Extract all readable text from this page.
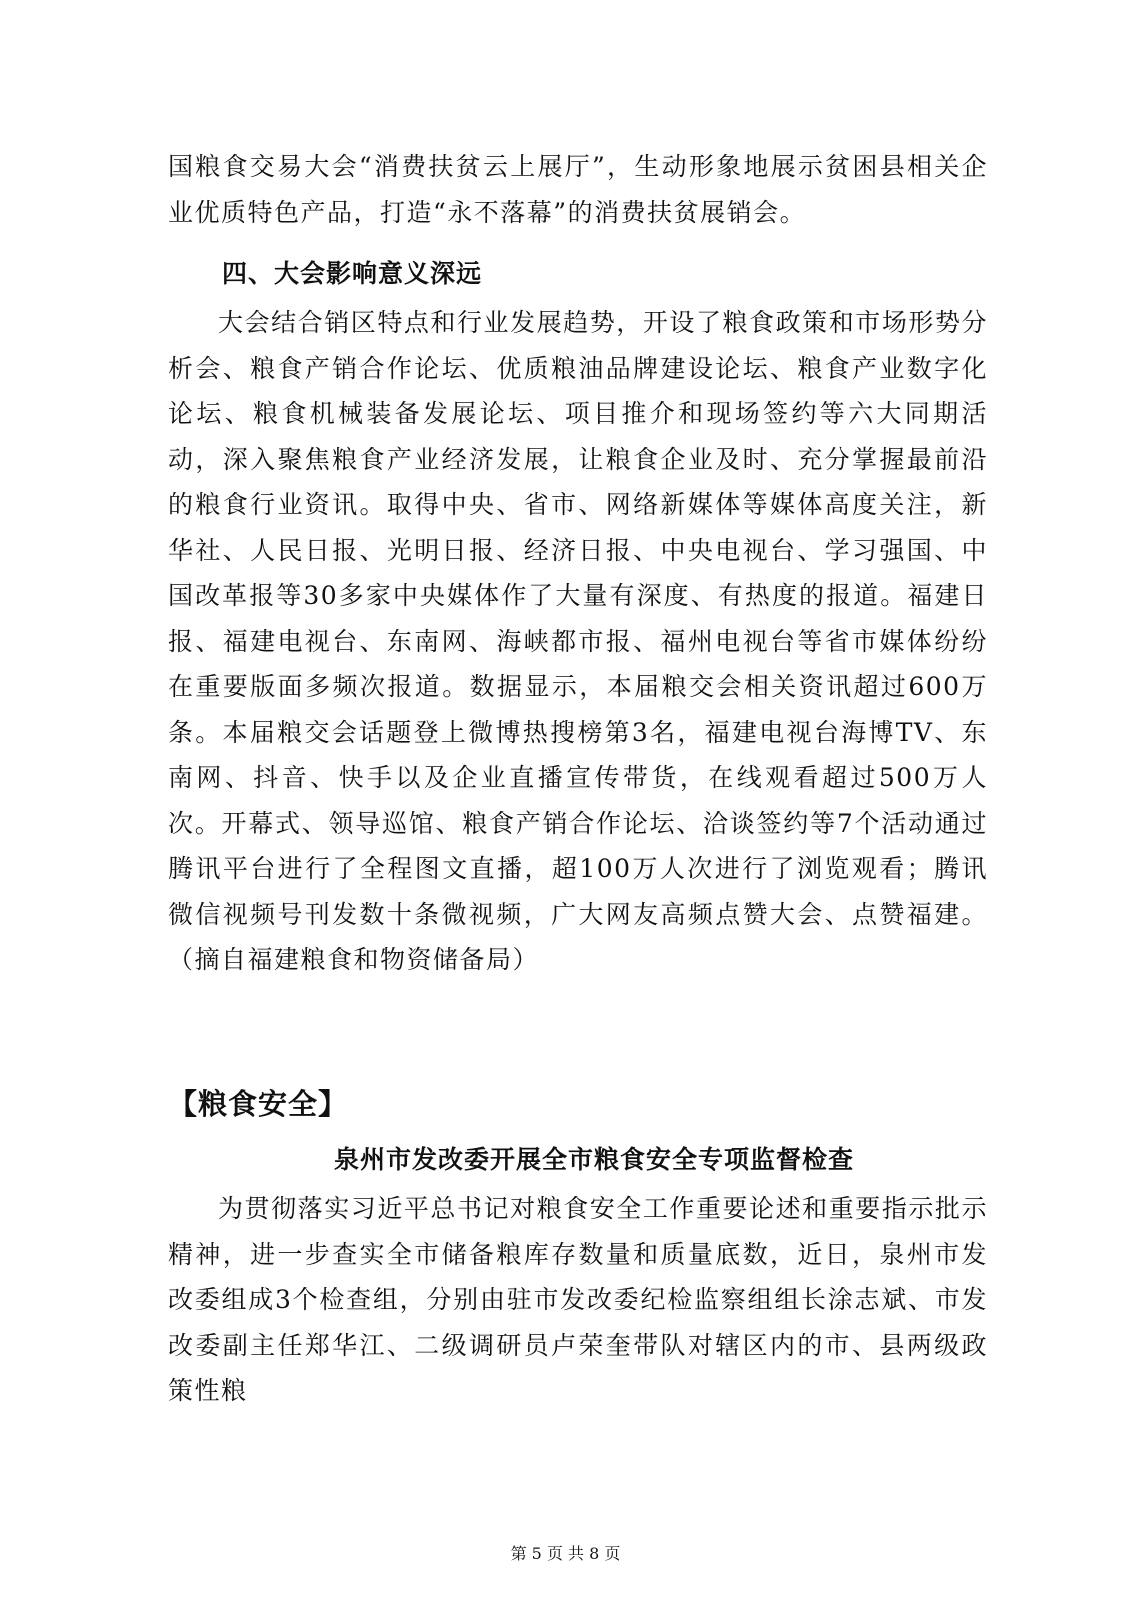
国粮食交易大会“消费扶贫云上展厅”，生动形象地展示贫困县相关企业优质特色产品，打造“永不落幕”的消费扶贫展销会。

四、大会影响意义深远

大会结合销区特点和行业发展趋势，开设了粮食政策和市场形势分析会、粮食产销合作论坛、优质粮油品牌建设论坛、粮食产业数字化论坛、粮食机械装备发展论坛、项目推介和现场签约等六大同期活动，深入聚焦粮食产业经济发展，让粮食企业及时、充分掌握最前沿的粮食行业资讯。取得中央、省市、网络新媒体等媒体高度关注，新华社、人民日报、光明日报、经济日报、中央电视台、学习强国、中国改革报等30多家中央媒体作了大量有深度、有热度的报道。福建日报、福建电视台、东南网、海峡都市报、福州电视台等省市媒体纷纷在重要版面多频次报道。数据显示，本届粮交会相关资讯超过600万条。本届粮交会话题登上微博热搜榜第3名，福建电视台海博TV、东南网、抖音、快手以及企业直播宣传带货，在线观看超过500万人次。开幕式、领导巡馆、粮食产销合作论坛、洽谈签约等7个活动通过腾讯平台进行了全程图文直播，超100万人次进行了浏览观看；腾讯微信视频号刊发数十条微视频，广大网友高频点赞大会、点赞福建。（摘自福建粮食和物资储备局）

【粮食安全】
泉州市发改委开展全市粮食安全专项监督检查

为贯彻落实习近平总书记对粮食安全工作重要论述和重要指示批示精神，进一步查实全市储备粮库存数量和质量底数，近日，泉州市发改委组成3个检查组，分别由驻市发改委纪检监察组组长涂志斌、市发改委副主任郑华江、二级调研员卢荣奎带队对辖区内的市、县两级政策性粮

第 5 页 共 8 页
